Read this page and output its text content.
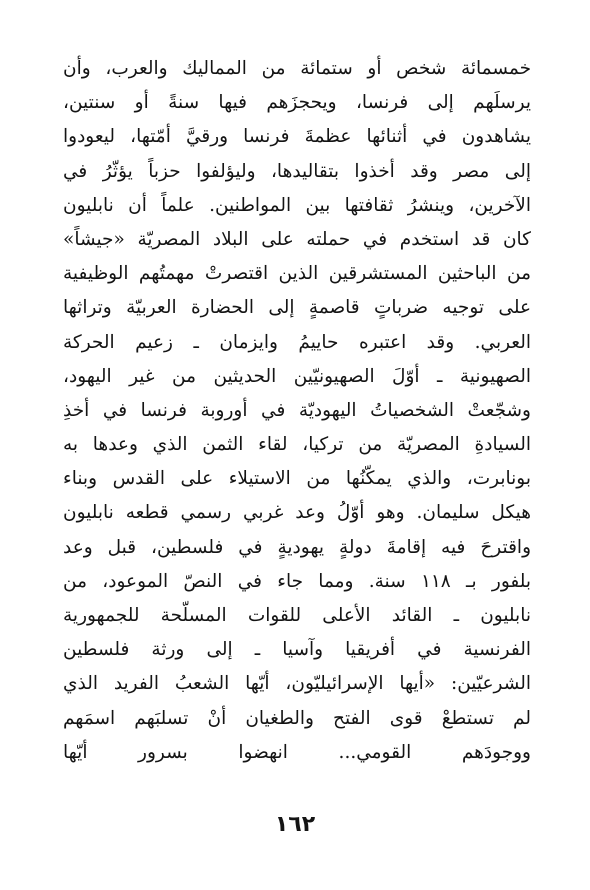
خمسمائة شخص أو ستمائة من المماليك والعرب، وأن
يرسلَهم إلى فرنسا، ويحجزَهم فيها سنةً أو سنتين،
يشاهدون في أثنائها عظمةَ فرنسا ورقيَّ أمّتها، ليعودوا
إلى مصر وقد أخذوا بتقاليدها، وليؤلفوا حزباً يؤثّرُ في
الآخرين، وينشرُ ثقافتها بين المواطنين. علماً أن نابليون
كان قد استخدم في حملته على البلاد المصريّة «جيشاً»
من الباحثين المستشرقين الذين اقتصرتْ مهمتُهم الوظيفية
على توجيه ضرباتٍ قاصمةٍ إلى الحضارة العربيّة وتراثها
العربي. وقد اعتبره حاييمُ وايزمان ـ زعيم الحركة
الصهيونية ـ أوّلَ الصهيونيّين الحديثين من غير اليهود،
وشجّعتْ الشخصياتُ اليهوديّة في أوروبة فرنسا في أخذِ
السيادةِ المصريّة من تركيا، لقاء الثمن الذي وعدها به
بونابرت، والذي يمكّنُها من الاستيلاء على القدس وبناء
هيكل سليمان. وهو أوّلُ وعد غربي رسمي قطعه نابليون
واقترحَ فيه إقامةَ دولةٍ يهوديةٍ في فلسطين، قبل وعد
بلفور بـ ١١٨ سنة. ومما جاء في النصّ الموعود، من
نابليون ـ القائد الأعلى للقوات المسلّحة للجمهورية
الفرنسية في أفريقيا وآسيا ـ إلى ورثة فلسطين
الشرعيّين: «أيها الإسرائيليّون، أيّها الشعبُ الفريد الذي
لم تستطعْ قوى الفتح والطغيان أنْ تسلبَهم اسمَهم
ووجودَهم القومي... انهضوا بسرور أيّها
١٦٢
